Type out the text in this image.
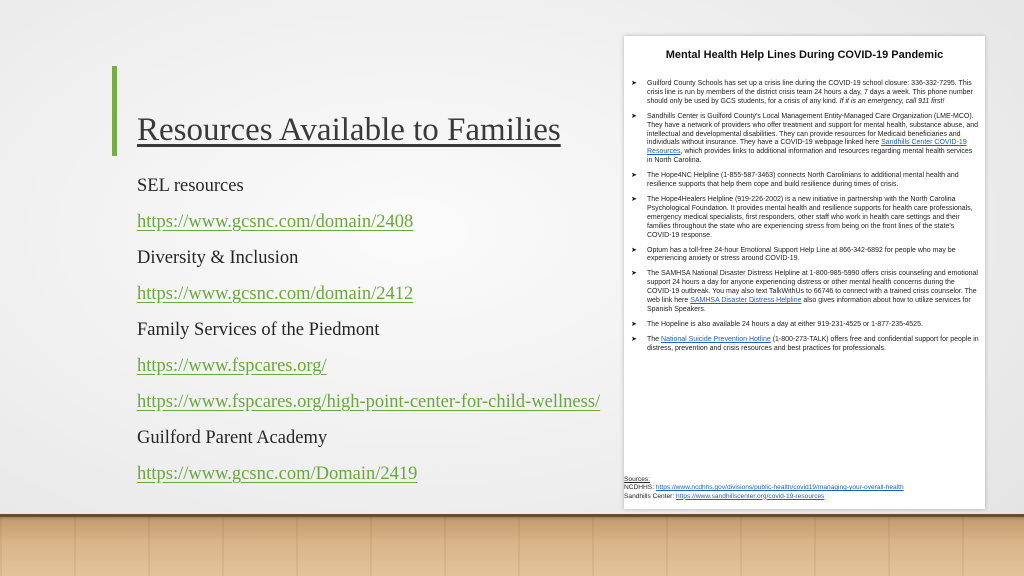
Resources Available to Families
SEL resources
https://www.gcsnc.com/domain/2408
Diversity & Inclusion
https://www.gcsnc.com/domain/2412
Family Services of the Piedmont
https://www.fspcares.org/
https://www.fspcares.org/high-point-center-for-child-wellness/
Guilford Parent Academy
https://www.gcsnc.com/Domain/2419
Mental Health Help Lines During COVID-19 Pandemic
➤	Guilford County Schools has set up a crisis line during the COVID-19 school closure: 336-332-7295. This crisis line is run by members of the district crisis team 24 hours a day, 7 days a week. This phone number should only be used by GCS students, for a crisis of any kind. If it is an emergency, call 911 first!
➤	Sandhills Center is Guilford County's Local Management Entity-Managed Care Organization (LME-MCO). They have a network of providers who offer treatment and support for mental health, substance abuse, and intellectual and developmental disabilities. They can provide resources for Medicaid beneficiaries and individuals without insurance. They have a COVID-19 webpage linked here Sandhills Center COVID-19 Resources, which provides links to additional information and resources regarding mental health services in North Carolina.
➤	The Hope4NC Helpline (1-855-587-3463) connects North Carolinians to additional mental health and resilience supports that help them cope and build resilience during times of crisis.
➤	The Hope4Healers Helpline (919-226-2002) is a new initiative in partnership with the North Carolina Psychological Foundation. It provides mental health and resilience supports for health care professionals, emergency medical specialists, first responders, other staff who work in health care settings and their families throughout the state who are experiencing stress from being on the front lines of the state's COVID-19 response.
➤	Optum has a toll-free 24-hour Emotional Support Help Line at 866-342-6892 for people who may be experiencing anxiety or stress around COVID-19.
➤	The SAMHSA National Disaster Distress Helpline at 1-800-985-5990 offers crisis counseling and emotional support 24 hours a day for anyone experiencing distress or other mental health concerns during the COVID-19 outbreak. You may also text TalkWithUs to 66746 to connect with a trained crisis counselor. The web link here SAMHSA Disaster Distress Helpline also gives information about how to utilize services for Spanish Speakers.
➤	The Hopeline is also available 24 hours a day at either 919-231-4525 or 1-877-235-4525.
➤	The National Suicide Prevention Hotline (1-800-273-TALK) offers free and confidential support for people in distress, prevention and crisis resources and best practices for professionals.
Sources:
NCDHHS: https://www.ncdhhs.gov/divisions/public-health/covid19/managing-your-overall-health
Sandhills Center: https://www.sandhillscenter.org/covid-19-resources
